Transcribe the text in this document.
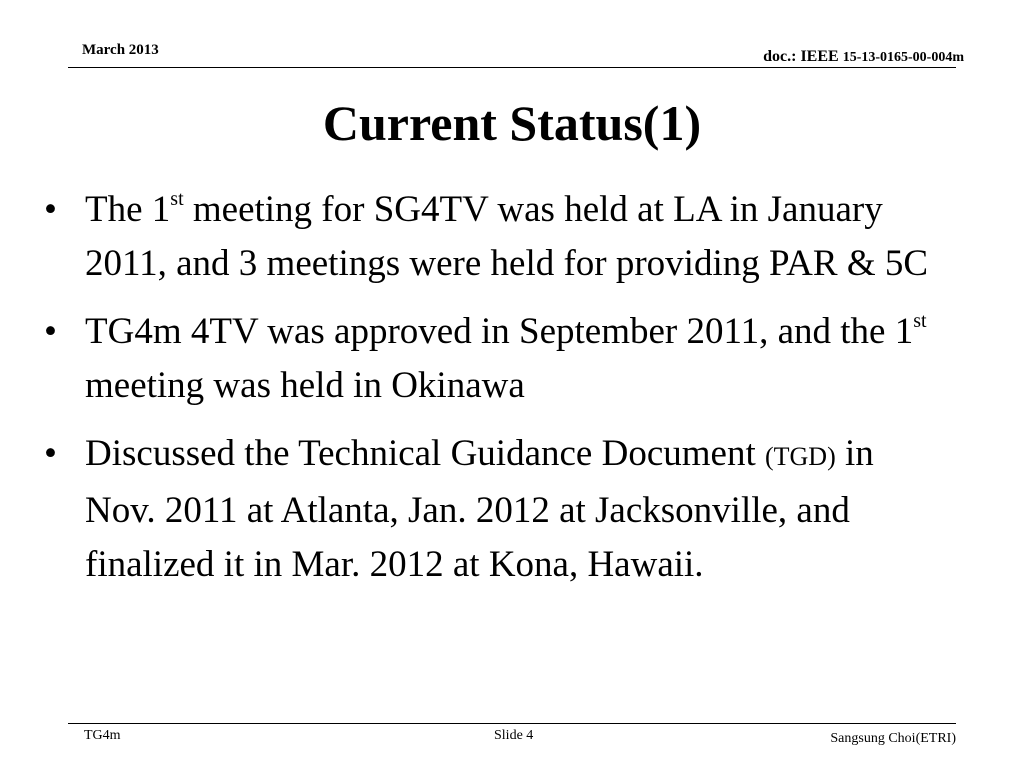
March 2013	doc.: IEEE 15-13-0165-00-004m
Current Status(1)
• The 1st meeting for SG4TV was held at LA in January 2011, and 3 meetings were held for providing PAR & 5C
• TG4m 4TV was approved in September 2011, and the 1st meeting was held in Okinawa
• Discussed the Technical Guidance Document (TGD) in Nov. 2011 at Atlanta, Jan. 2012 at Jacksonville, and finalized it in Mar. 2012 at Kona, Hawaii.
TG4m	Slide 4	Sangsung Choi(ETRI)
